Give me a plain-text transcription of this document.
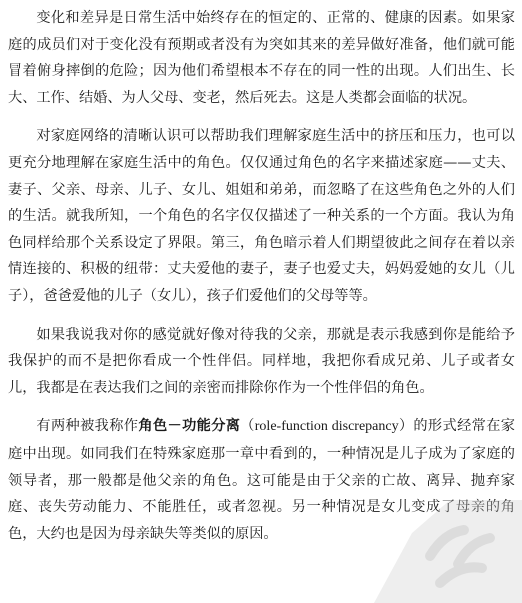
变化和差异是日常生活中始终存在的恒定的、正常的、健康的因素。如果家庭的成员们对于变化没有预期或者没有为突如其来的差异做好准备，他们就可能冒着俯身摔倒的危险；因为他们希望根本不存在的同一性的出现。人们出生、长大、工作、结婚、为人父母、变老，然后死去。这是人类都会面临的状况。

对家庭网络的清晰认识可以帮助我们理解家庭生活中的挤压和压力，也可以更充分地理解在家庭生活中的角色。仅仅通过角色的名字来描述家庭——丈夫、妻子、父亲、母亲、儿子、女儿、姐姐和弟弟，而忽略了在这些角色之外的人们的生活。就我所知，一个角色的名字仅仅描述了一种关系的一个方面。我认为角色同样给那个关系设定了界限。第三，角色暗示着人们期望彼此之间存在着以亲情连接的、积极的纽带：丈夫爱他的妻子，妻子也爱丈夫，妈妈爱她的女儿（儿子），爸爸爱他的儿子（女儿），孩子们爱他们的父母等等。

如果我说我对你的感觉就好像对待我的父亲，那就是表示我感到你是能给予我保护的而不是把你看成一个性伴侣。同样地，我把你看成兄弟、儿子或者女儿，我都是在表达我们之间的亲密而排除你作为一个性伴侣的角色。

有两种被我称作角色－功能分离（role-function discrepancy）的形式经常在家庭中出现。如同我们在特殊家庭那一章中看到的，一种情况是儿子成为了家庭的领导者，那一般都是他父亲的角色。这可能是由于父亲的亡故、离异、抛弃家庭、丧失劳动能力、不能胜任，或者忽视。另一种情况是女儿变成了母亲的角色，大约也是因为母亲缺失等类似的原因。
